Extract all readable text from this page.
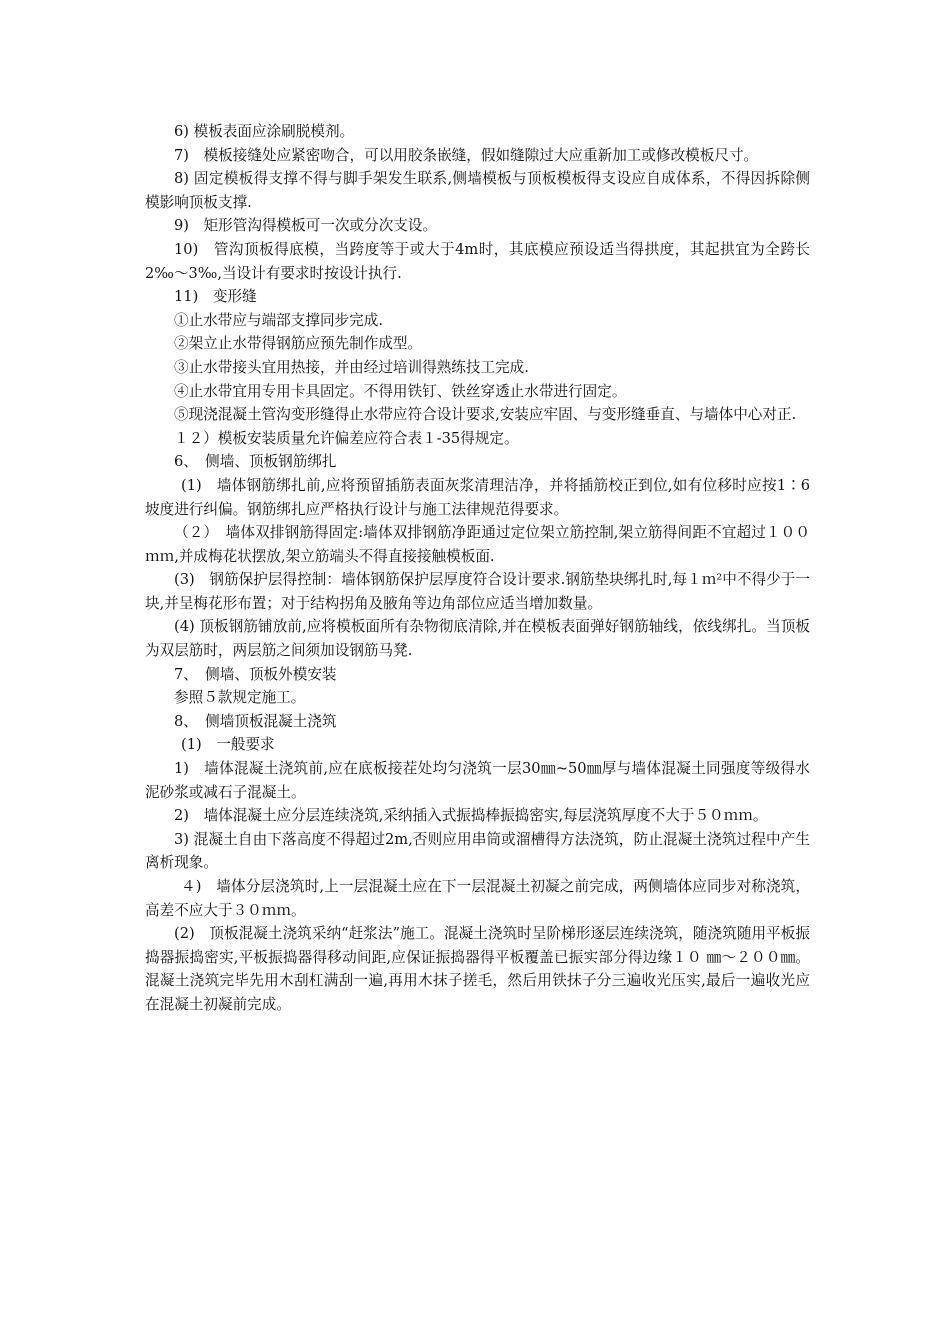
6) 模板表面应涂刷脱模剂。

7)　模板接缝处应紧密吻合，可以用胶条嵌缝，假如缝隙过大应重新加工或修改模板尺寸。

8) 固定模板得支撑不得与脚手架发生联系,侧墙模板与顶板模板得支设应自成体系，不得因拆除侧模影响顶板支撑.

9)　矩形管沟得模板可一次或分次支设。

10)　管沟顶板得底模，当跨度等于或大于4m时，其底模应预设适当得拱度，其起拱宜为全跨长2‰～3‰,当设计有要求时按设计执行.

11)　变形缝

①止水带应与端部支撑同步完成.

②架立止水带得钢筋应预先制作成型。

③止水带接头宜用热接，并由经过培训得熟练技工完成.

④止水带宜用专用卡具固定。不得用铁钉、铁丝穿透止水带进行固定。

⑤现浇混凝土管沟变形缝得止水带应符合设计要求,安装应牢固、与变形缝垂直、与墙体中心对正.

１２）模板安装质量允许偏差应符合表１-35得规定。

6、　侧墙、顶板钢筋绑扎

(1)　墙体钢筋绑扎前,应将预留插筋表面灰浆清理洁净，并将插筋校正到位,如有位移时应按1∶6坡度进行纠偏。钢筋绑扎应严格执行设计与施工法律规范得要求。

（２）　墙体双排钢筋得固定:墙体双排钢筋净距通过定位架立筋控制,架立筋得间距不宜超过１００ｍｍ,并成梅花状摆放,架立筋端头不得直接接触模板面.

(3)　钢筋保护层得控制：墙体钢筋保护层厚度符合设计要求.钢筋垫块绑扎时,每１ｍ²中不得少于一块,并呈梅花形布置；对于结构拐角及腋角等边角部位应适当增加数量。

(4) 顶板钢筋铺放前,应将模板面所有杂物彻底清除,并在模板表面弹好钢筋轴线，依线绑扎。当顶板为双层筋时，两层筋之间须加设钢筋马凳.

7、　侧墙、顶板外模安装

参照５款规定施工。

8、　侧墙顶板混凝土浇筑

(1)　一般要求

1)　墙体混凝土浇筑前,应在底板接茬处均匀浇筑一层30㎜~50㎜厚与墙体混凝土同强度等级得水泥砂浆或减石子混凝土。

2)　墙体混凝土应分层连续浇筑,采纳插入式振捣棒振捣密实,每层浇筑厚度不大于５０ｍｍ。

3) 混凝土自由下落高度不得超过2m,否则应用串筒或溜槽得方法浇筑，防止混凝土浇筑过程中产生离析现象。

４)　墙体分层浇筑时,上一层混凝土应在下一层混凝土初凝之前完成，两侧墙体应同步对称浇筑，高差不应大于３０ｍｍ。

(2)　顶板混凝土浇筑采纳“赶浆法”施工。混凝土浇筑时呈阶梯形逐层连续浇筑，随浇筑随用平板振捣器振捣密实,平板振捣器得移动间距,应保证振捣器得平板覆盖已振实部分得边缘１０ ㎜～２００㎜。混凝土浇筑完毕先用木刮杠满刮一遍,再用木抹子搓毛，然后用铁抹子分三遍收光压实,最后一遍收光应在混凝土初凝前完成。
